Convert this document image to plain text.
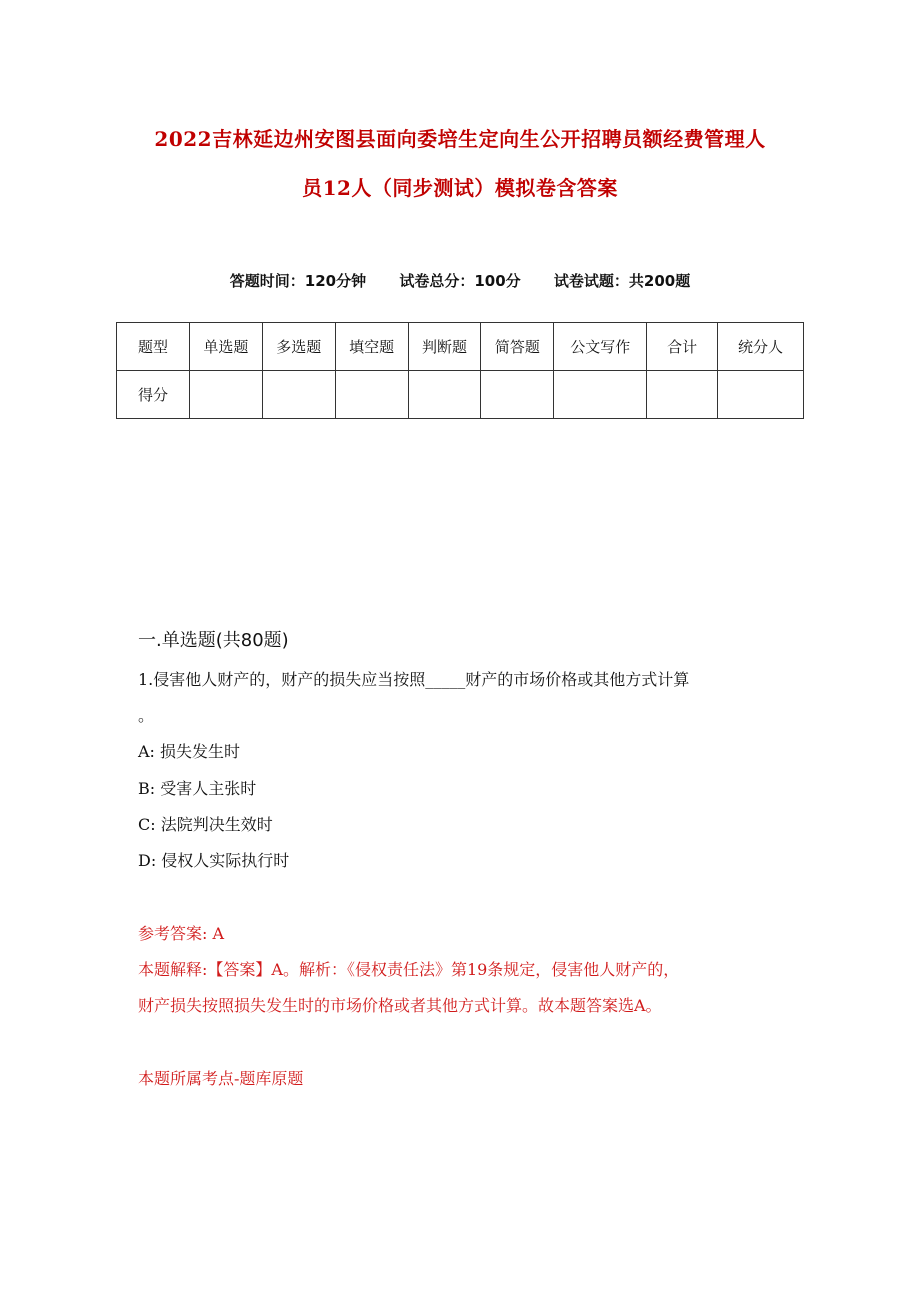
2022吉林延边州安图县面向委培生定向生公开招聘员额经费管理人
员12人（同步测试）模拟卷含答案
答题时间：120分钟 试卷总分：100分 试卷试题：共200题
题型	单选题	多选题	填空题	判断题	简答题	公文写作	合计	统分人
得分								
一.单选题(共80题)
1.侵害他人财产的，财产的损失应当按照_____财产的市场价格或其他方式计算
。
A: 损失发生时
B: 受害人主张时
C: 法院判决生效时
D: 侵权人实际执行时
参考答案: A
本题解释:【答案】A。解析：《侵权责任法》第19条规定，侵害他人财产的，
财产损失按照损失发生时的市场价格或者其他方式计算。故本题答案选A。
本题所属考点-题库原题
